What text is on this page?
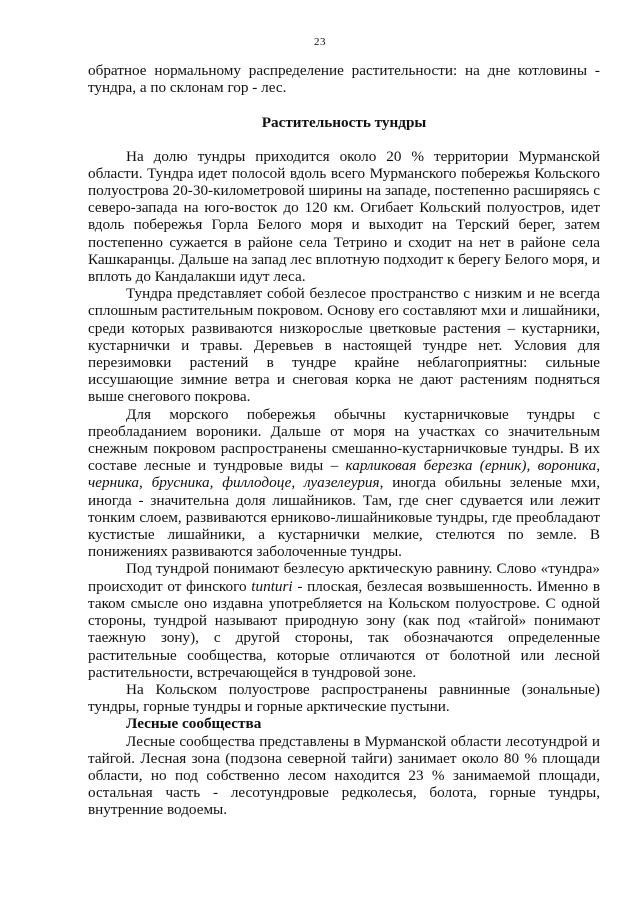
23

обратное нормальному распределение растительности: на дне котловины - тундра, а по склонам гор - лес.

Растительность тундры

На долю тундры приходится около 20 % территории Мурманской области. Тундра идет полосой вдоль всего Мурманского побережья Кольского полуострова 20-30-километровой ширины на западе, постепенно расширяясь с северо-запада на юго-восток до 120 км. Огибает Кольский полуостров, идет вдоль побережья Горла Белого моря и выходит на Терский берег, затем постепенно сужается в районе села Тетрино и сходит на нет в районе села Кашкаранцы. Дальше на запад лес вплотную подходит к берегу Белого моря, и вплоть до Кандалакши идут леса.

Тундра представляет собой безлесое пространство с низким и не всегда сплошным растительным покровом. Основу его составляют мхи и лишайники, среди которых развиваются низкорослые цветковые растения – кустарники, кустарнички и травы. Деревьев в настоящей тундре нет. Условия для перезимовки растений в тундре крайне неблагоприятны: сильные иссушающие зимние ветра и снеговая корка не дают растениям подняться выше снегового покрова.

Для морского побережья обычны кустарничковые тундры с преобладанием вороники. Дальше от моря на участках со значительным снежным покровом распространены смешанно-кустарничковые тундры. В их составе лесные и тундровые виды – карликовая березка (ерник), вороника, черника, брусника, филлодоце, луазелеурия, иногда обильны зеленые мхи, иногда - значительна доля лишайников. Там, где снег сдувается или лежит тонким слоем, развиваются ерниково-лишайниковые тундры, где преобладают кустистые лишайники, а кустарнички мелкие, стелются по земле. В понижениях развиваются заболоченные тундры.

Под тундрой понимают безлесую арктическую равнину. Слово «тундра» происходит от финского tunturi - плоская, безлесая возвышенность. Именно в таком смысле оно издавна употребляется на Кольском полуострове. С одной стороны, тундрой называют природную зону (как под «тайгой» понимают таежную зону), с другой стороны, так обозначаются определенные растительные сообщества, которые отличаются от болотной или лесной растительности, встречающейся в тундровой зоне.

На Кольском полуострове распространены равнинные (зональные) тундры, горные тундры и горные арктические пустыни.

Лесные сообщества

Лесные сообщества представлены в Мурманской области лесотундрой и тайгой. Лесная зона (подзона северной тайги) занимает около 80 % площади области, но под собственно лесом находится 23 % занимаемой площади, остальная часть - лесотундровые редколесья, болота, горные тундры, внутренние водоемы.
